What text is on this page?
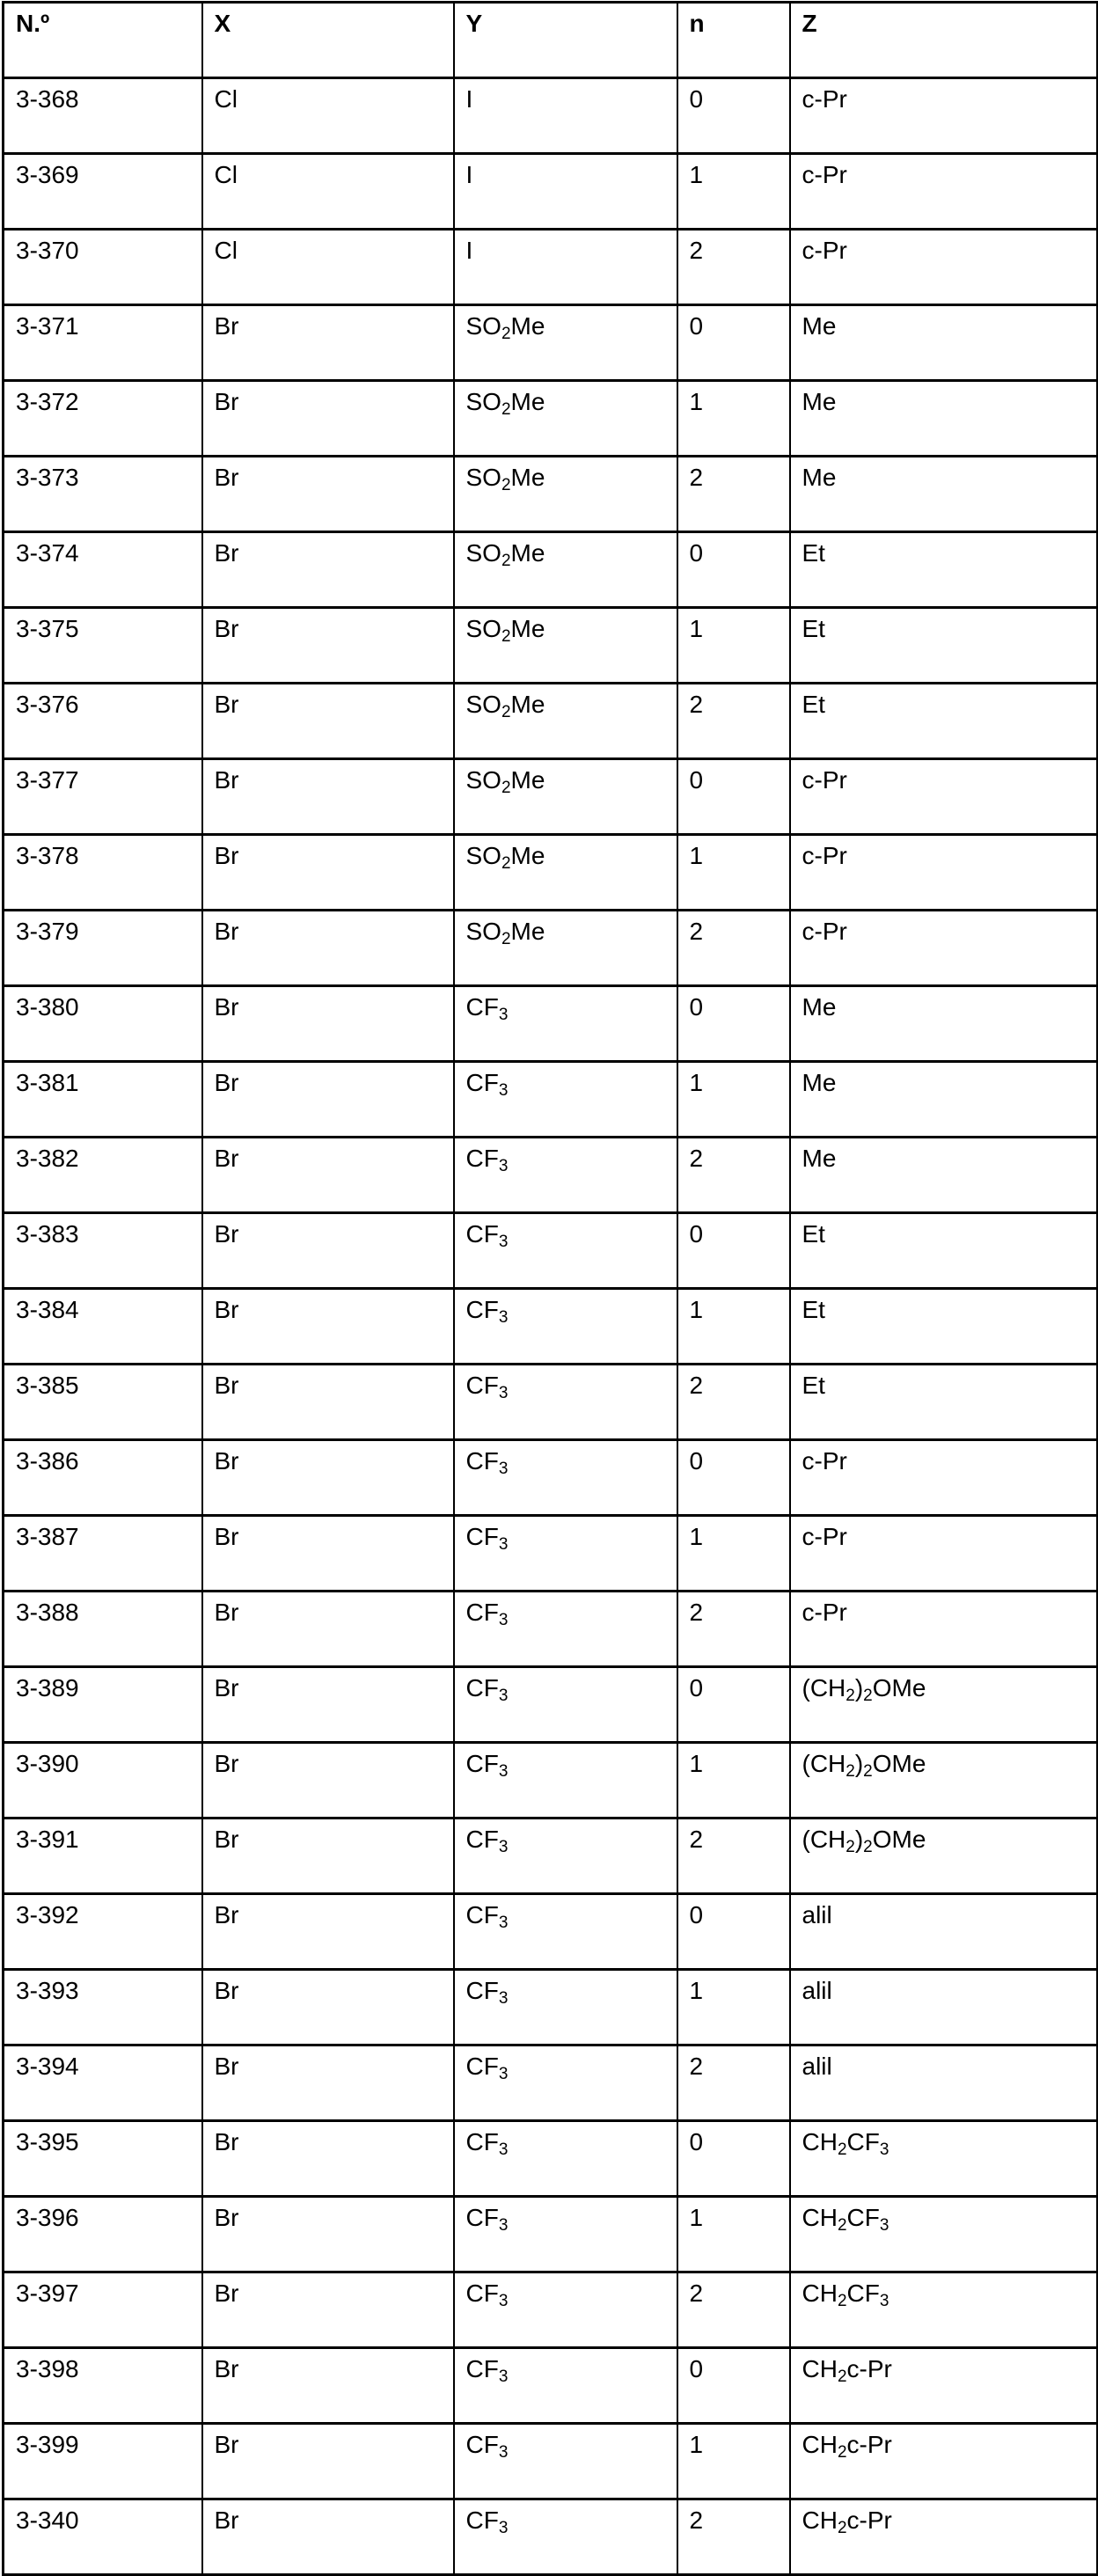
N.º	X	Y	n	Z
3-368	Cl	I	0	c-Pr
3-369	Cl	I	1	c-Pr
3-370	Cl	I	2	c-Pr
3-371	Br	$SO_2Me$	0	Me
3-372	Br	$SO_2Me$	1	Me
3-373	Br	$SO_2Me$	2	Me
3-374	Br	$SO_2Me$	0	Et
3-375	Br	$SO_2Me$	1	Et
3-376	Br	$SO_2Me$	2	Et
3-377	Br	$SO_2Me$	0	c-Pr
3-378	Br	$SO_2Me$	1	c-Pr
3-379	Br	$SO_2Me$	2	c-Pr
3-380	Br	$CF_3$	0	Me
3-381	Br	$CF_3$	1	Me
3-382	Br	$CF_3$	2	Me
3-383	Br	$CF_3$	0	Et
3-384	Br	$CF_3$	1	Et
3-385	Br	$CF_3$	2	Et
3-386	Br	$CF_3$	0	c-Pr
3-387	Br	$CF_3$	1	c-Pr
3-388	Br	$CF_3$	2	c-Pr
3-389	Br	$CF_3$	0	$(CH_2)_2OMe$
3-390	Br	$CF_3$	1	$(CH_2)_2OMe$
3-391	Br	$CF_3$	2	$(CH_2)_2OMe$
3-392	Br	$CF_3$	0	alil
3-393	Br	$CF_3$	1	alil
3-394	Br	$CF_3$	2	alil
3-395	Br	$CF_3$	0	$CH_2CF_3$
3-396	Br	$CF_3$	1	$CH_2CF_3$
3-397	Br	$CF_3$	2	$CH_2CF_3$
3-398	Br	$CF_3$	0	$CH_2c-Pr$
3-399	Br	$CF_3$	1	$CH_2c-Pr$
3-340	Br	$CF_3$	2	$CH_2c-Pr$
